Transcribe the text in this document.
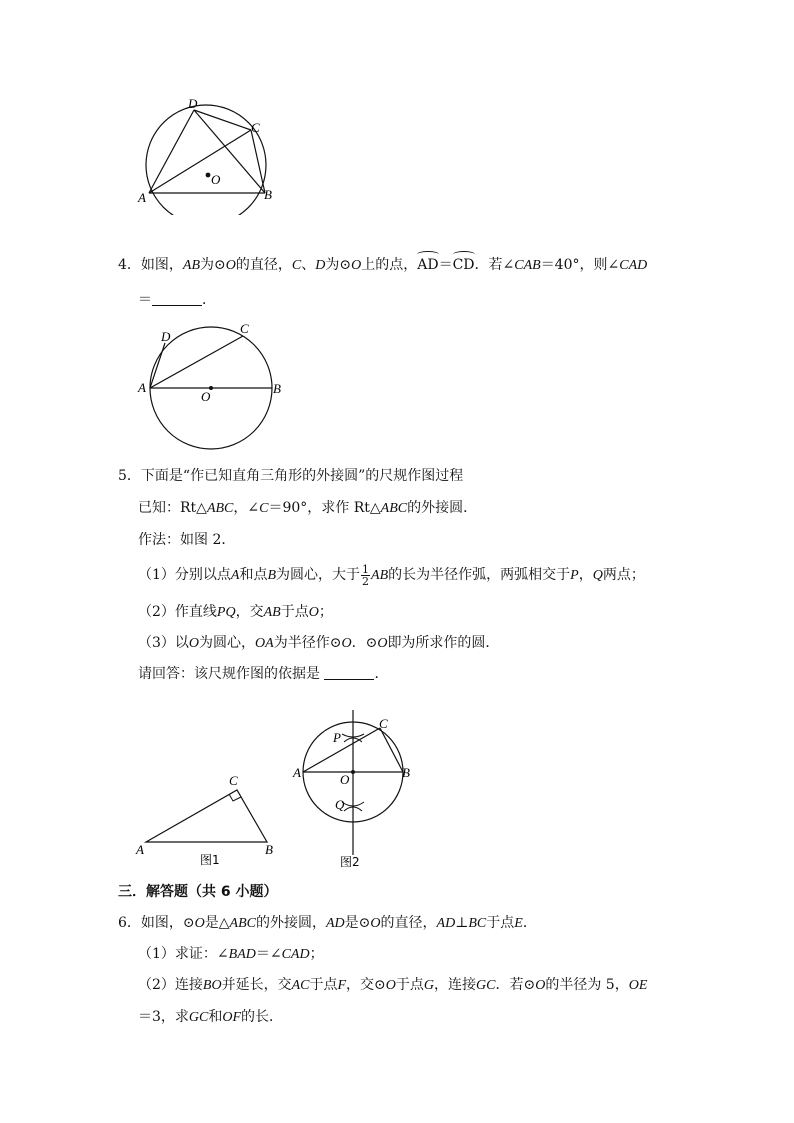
D
C
O
A	B
4．如图，AB为⊙O的直径，C、D为⊙O上的点，AD＝CD．若∠CAB＝40°，则∠CAD
＝	．
D
C
A
O
B
5．下面是“作已知直角三角形的外接圆”的尺规作图过程
已知：Rt△ABC，∠C＝90°，求作 Rt△ABC的外接圆．
作法：如图 2．
（1）分别以点A和点B为圆心，大于 $\frac{1}{2}$ AB的长为半径作弧，两弧相交于P，Q两点；
（2）作直线PQ，交AB于点O；
（3）以O为圆心，OA为半径作⊙O．⊙O即为所求作的圆．
请回答：该尺规作图的依据是	．
C
A	B
图1
P
C
A	O	B
Q
图2
三．解答题（共 6 小题）
6．如图，⊙O是△ABC的外接圆，AD是⊙O的直径，AD⊥BC于点E．
（1）求证：∠BAD＝∠CAD；
（2）连接BO并延长，交AC于点F，交⊙O于点G，连接GC．若⊙O的半径为 5，OE
＝3，求GC和OF的长．
